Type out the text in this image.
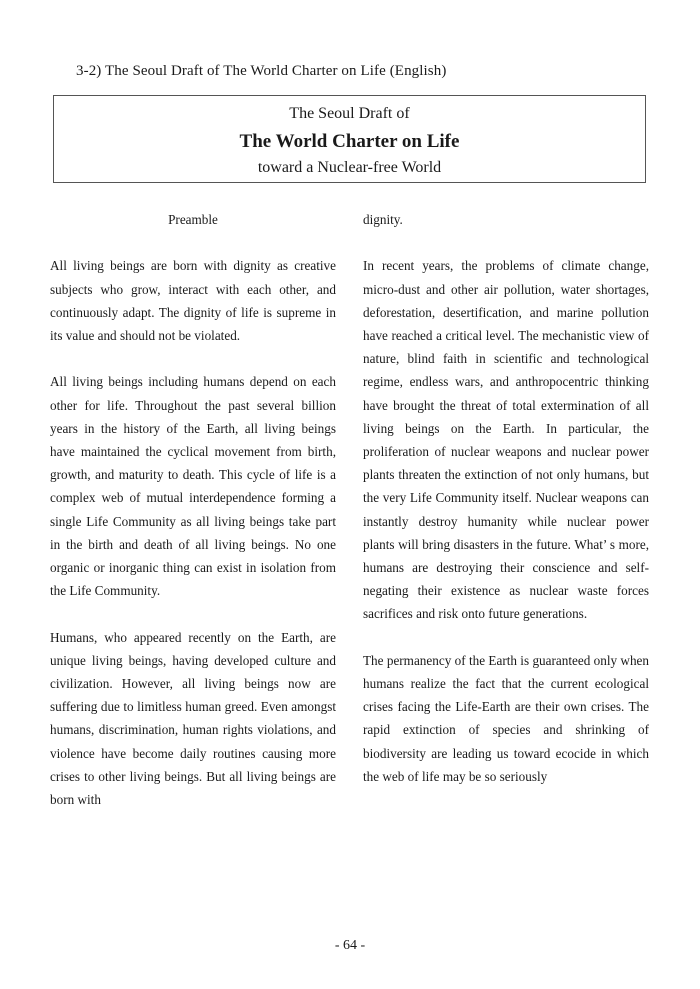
3-2) The Seoul Draft of The World Charter on Life (English)
The Seoul Draft of
The World Charter on Life
toward a Nuclear-free World

Preamble

All living beings are born with dignity as creative subjects who grow, interact with each other, and continuously adapt. The dignity of life is supreme in its value and should not be violated.

All living beings including humans depend on each other for life. Throughout the past several billion years in the history of the Earth, all living beings have maintained the cyclical movement from birth, growth, and maturity to death. This cycle of life is a complex web of mutual interdependence forming a single Life Community as all living beings take part in the birth and death of all living beings. No one organic or inorganic thing can exist in isolation from the Life Community.

Humans, who appeared recently on the Earth, are unique living beings, having developed culture and civilization. However, all living beings now are suffering due to limitless human greed. Even amongst humans, discrimination, human rights violations, and violence have become daily routines causing more crises to other living beings. But all living beings are born with

dignity.

In recent years, the problems of climate change, micro-dust and other air pollution, water shortages, deforestation, desertification, and marine pollution have reached a critical level. The mechanistic view of nature, blind faith in scientific and technological regime, endless wars, and anthropocentric thinking have brought the threat of total extermination of all living beings on the Earth. In particular, the proliferation of nuclear weapons and nuclear power plants threaten the extinction of not only humans, but the very Life Community itself. Nuclear weapons can instantly destroy humanity while nuclear power plants will bring disasters in the future. What’ s more, humans are destroying their conscience and self-negating their existence as nuclear waste forces sacrifices and risk onto future generations.

The permanency of the Earth is guaranteed only when humans realize the fact that the current ecological crises facing the Life-Earth are their own crises. The rapid extinction of species and shrinking of biodiversity are leading us toward ecocide in which the web of life may be so seriously

- 64 -
